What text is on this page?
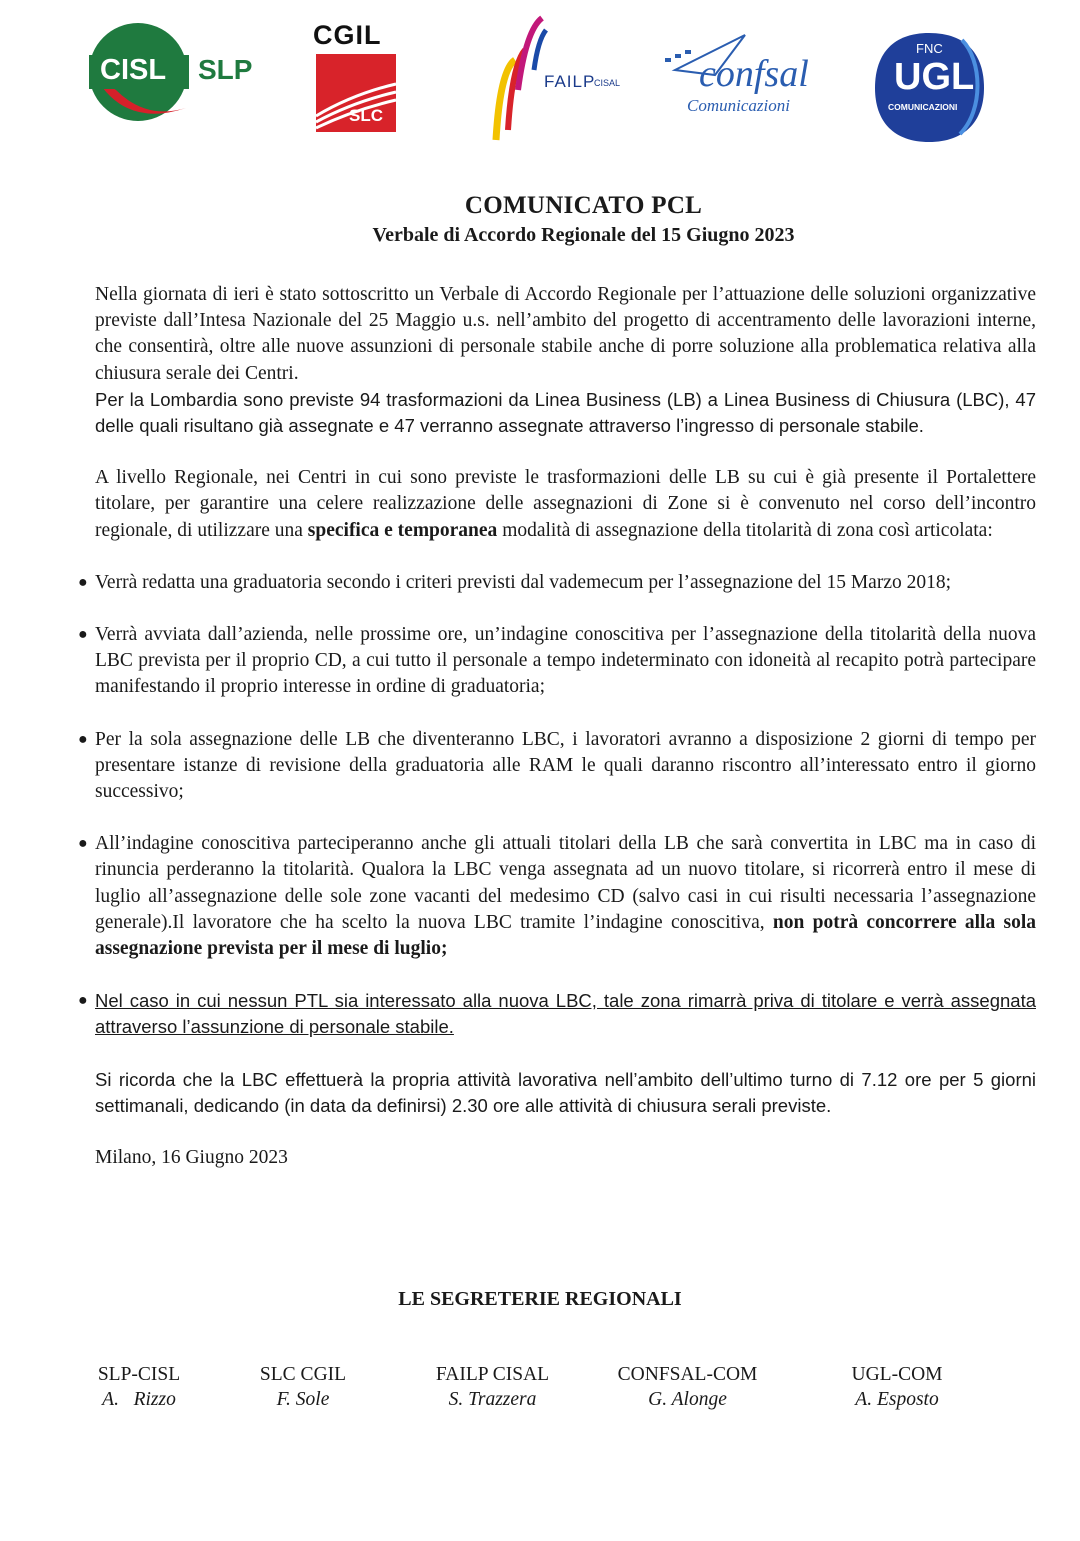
CISL SLP
CGIL
SLC
FAILP
CISAL confsal
Comunicazioni
FNC
UGL
COMUNICAZIONI
COMUNICATO PCL
Verbale di Accordo Regionale del 15 Giugno 2023

Nella giornata di ieri è stato sottoscritto un Verbale di Accordo Regionale per l’attuazione delle soluzioni organizzative previste dall’Intesa Nazionale del 25 Maggio u.s. nell’ambito del progetto di accentramento delle lavorazioni interne, che consentirà, oltre alle nuove assunzioni di personale stabile anche di porre soluzione alla problematica relativa alla chiusura serale dei Centri.

Per la Lombardia sono previste 94 trasformazioni da Linea Business (LB) a Linea Business di Chiusura (LBC), 47 delle quali risultano già assegnate e 47 verranno assegnate attraverso l’ingresso di personale stabile.

A livello Regionale, nei Centri in cui sono previste le trasformazioni delle LB su cui è già presente il Portalettere titolare, per garantire una celere realizzazione delle assegnazioni di Zone si è convenuto nel corso dell’incontro regionale, di utilizzare una specifica e temporanea modalità di assegnazione della titolarità di zona così articolata:

● Verrà redatta una graduatoria secondo i criteri previsti dal vademecum per l’assegnazione del 15 Marzo 2018;
● Verrà avviata dall’azienda, nelle prossime ore, un’indagine conoscitiva per l’assegnazione della titolarità della nuova LBC prevista per il proprio CD, a cui tutto il personale a tempo indeterminato con idoneità al recapito potrà partecipare manifestando il proprio interesse in ordine di graduatoria;
● Per la sola assegnazione delle LB che diventeranno LBC, i lavoratori avranno a disposizione 2 giorni di tempo per presentare istanze di revisione della graduatoria alle RAM le quali daranno riscontro all’interessato entro il giorno successivo;
● All’indagine conoscitiva parteciperanno anche gli attuali titolari della LB che sarà convertita in LBC ma in caso di rinuncia perderanno la titolarità. Qualora la LBC venga assegnata ad un nuovo titolare, si ricorrerà entro il mese di luglio all’assegnazione delle sole zone vacanti del medesimo CD (salvo casi in cui risulti necessaria l’assegnazione generale).Il lavoratore che ha scelto la nuova LBC tramite l’indagine conoscitiva, non potrà concorrere alla sola assegnazione prevista per il mese di luglio;
● Nel caso in cui nessun PTL sia interessato alla nuova LBC, tale zona rimarrà priva di titolare e verrà assegnata attraverso l’assunzione di personale stabile.

Si ricorda che la LBC effettuerà la propria attività lavorativa nell’ambito dell’ultimo turno di 7.12 ore per 5 giorni settimanali, dedicando (in data da definirsi) 2.30 ore alle attività di chiusura serali previste.

Milano, 16 Giugno 2023

LE SEGRETERIE REGIONALI
SLP-CISL
A.   Rizzo
SLC CGIL
F. Sole
FAILP CISAL
S. Trazzera
CONFSAL-COM
G. Alonge
UGL-COM
A. Esposto
